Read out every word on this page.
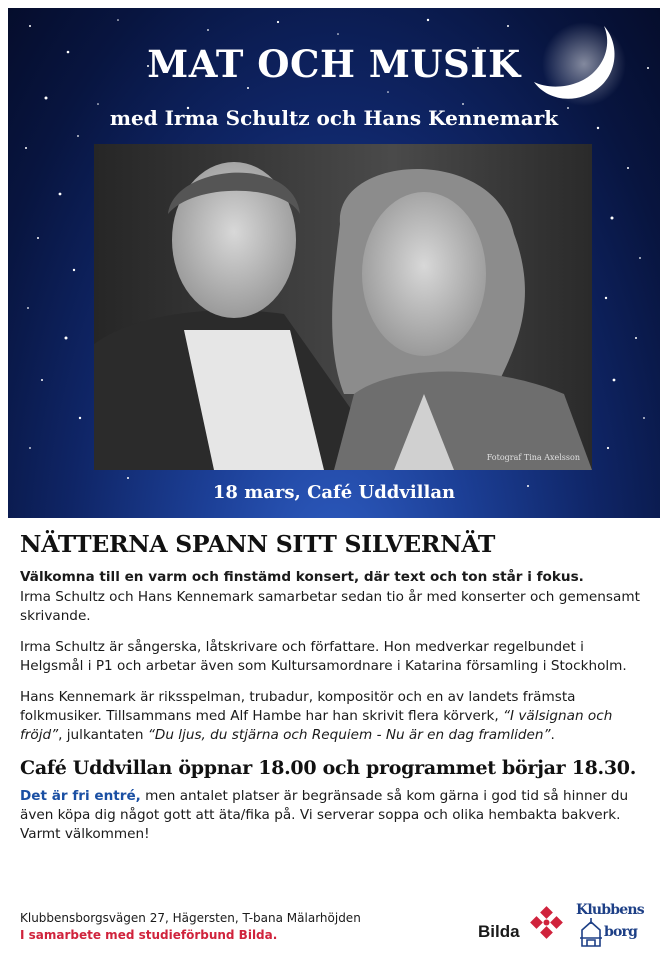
MAT OCH MUSIK
med Irma Schultz och Hans Kennemark
Fotograf Tina Axelsson
18 mars, Café Uddvillan
NÄTTERNA SPANN SITT SILVERNÄT
Välkomna till en varm och finstämd konsert, där text och ton står i fokus.
Irma Schultz och Hans Kennemark samarbetar sedan tio år med konserter och gemensamt skrivande.
Irma Schultz är sångerska, låtskrivare och författare. Hon medverkar regelbundet i Helgsmål i P1 och arbetar även som Kultursamordnare i Katarina församling i Stockholm.
Hans Kennemark är riksspelman, trubadur, kompositör och en av landets främsta folkmusiker. Tillsammans med Alf Hambe har han skrivit flera körverk, “I välsignan och fröjd”, julkantaten “Du ljus, du stjärna och Requiem - Nu är en dag framliden”.
Café Uddvillan öppnar 18.00 och programmet börjar 18.30.
Det är fri entré, men antalet platser är begränsade så kom gärna i god tid så hinner du även köpa dig något gott att äta/fika på. Vi serverar soppa och olika hembakta bakverk. Varmt välkommen!
Klubbensborgsvägen 27, Hägersten, T-bana Mälarhöjden
I samarbete med studieförbund Bilda.	Bilda
Klubbens
borg
